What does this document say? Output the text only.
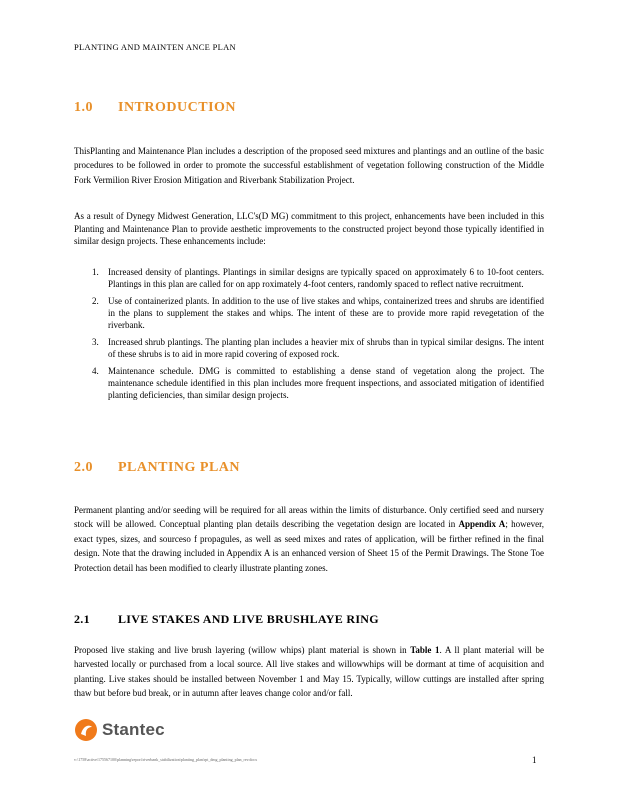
PLANTING AND MAINTEN ANCE PLAN
1.0 INTRODUCTION
ThisPlanting and Maintenance Plan includes a description of the proposed seed mixtures and plantings and an outline of the basic procedures to be followed in order to promote the successful establishment of vegetation following construction of the Middle Fork Vermilion River Erosion Mitigation and Riverbank Stabilization Project.
As a result of Dynegy Midwest Generation, LLC's(D MG) commitment to this project, enhancements have been included in this Planting and Maintenance Plan to provide aesthetic improvements to the constructed project beyond those typically identified in similar design projects. These enhancements include:
1. Increased density of plantings. Plantings in similar designs are typically spaced on approximately 6 to 10-foot centers. Plantings in this plan are called for on app roximately 4-foot centers, randomly spaced to reflect native recruitment.
2. Use of containerized plants. In addition to the use of live stakes and whips, containerized trees and shrubs are identified in the plans to supplement the stakes and whips. The intent of these are to provide more rapid revegetation of the riverbank.
3. Increased shrub plantings. The planting plan includes a heavier mix of shrubs than in typical similar designs. The intent of these shrubs is to aid in more rapid covering of exposed rock.
4. Maintenance schedule. DMG is committed to establishing a dense stand of vegetation along the project. The maintenance schedule identified in this plan includes more frequent inspections, and associated mitigation of identified planting deficiencies, than similar design projects.
2.0 PLANTING PLAN
Permanent planting and/or seeding will be required for all areas within the limits of disturbance. Only certified seed and nursery stock will be allowed. Conceptual planting plan details describing the vegetation design are located in Appendix A; however, exact types, sizes, and sourceso f propagules, as well as seed mixes and rates of application, will be firther refined in the final design. Note that the drawing included in Appendix A is an enhanced version of Sheet 15 of the Permit Drawings. The Stone Toe Protection detail has been modified to clearly illustrate planting zones.
2.1 LIVE STAKES AND LIVE BRUSHLAYE RING
Proposed live staking and live brush layering (willow whips) plant material is shown in Table 1. A ll plant material will be harvested locally or purchased from a local source. All live stakes and willowwhips will be dormant at time of acquisition and planting. Live stakes should be installed between November 1 and May 15. Typically, willow cuttings are installed after spring thaw but before bud break, or in autumn after leaves change color and/or fall.
Stantec
v:\1758\active\175567100\planning\report\riverbank_stabilization\planting_plan\rpt_dmg_planting_plan_rev.docx	1
